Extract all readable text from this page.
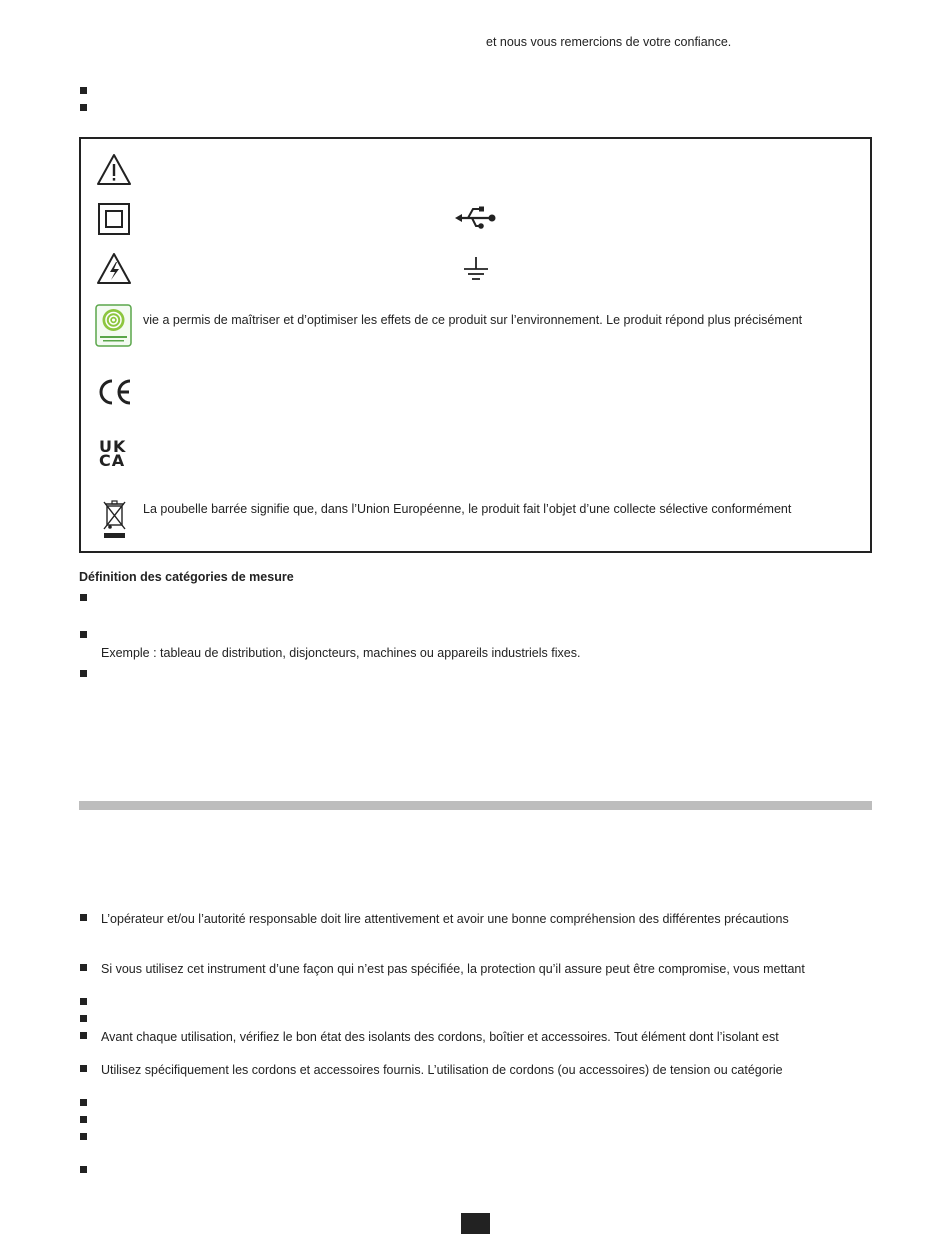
et nous vous remercions de votre confiance.
vie a permis de maîtriser et d’optimiser les effets de ce produit sur l’environnement. Le produit répond plus précisément
UK
CA
La poubelle barrée signifie que, dans l’Union Européenne, le produit fait l’objet d’une collecte sélective conformément
Définition des catégories de mesure
Exemple : tableau de distribution, disjoncteurs, machines ou appareils industriels fixes.
L’opérateur et/ou l’autorité responsable doit lire attentivement et avoir une bonne compréhension des différentes précautions
Si vous utilisez cet instrument d’une façon qui n’est pas spécifiée, la protection qu’il assure peut être compromise, vous mettant
Avant chaque utilisation, vérifiez le bon état des isolants des cordons, boîtier et accessoires. Tout élément dont l’isolant est
Utilisez spécifiquement les cordons et accessoires fournis. L’utilisation de cordons (ou accessoires) de tension ou catégorie
